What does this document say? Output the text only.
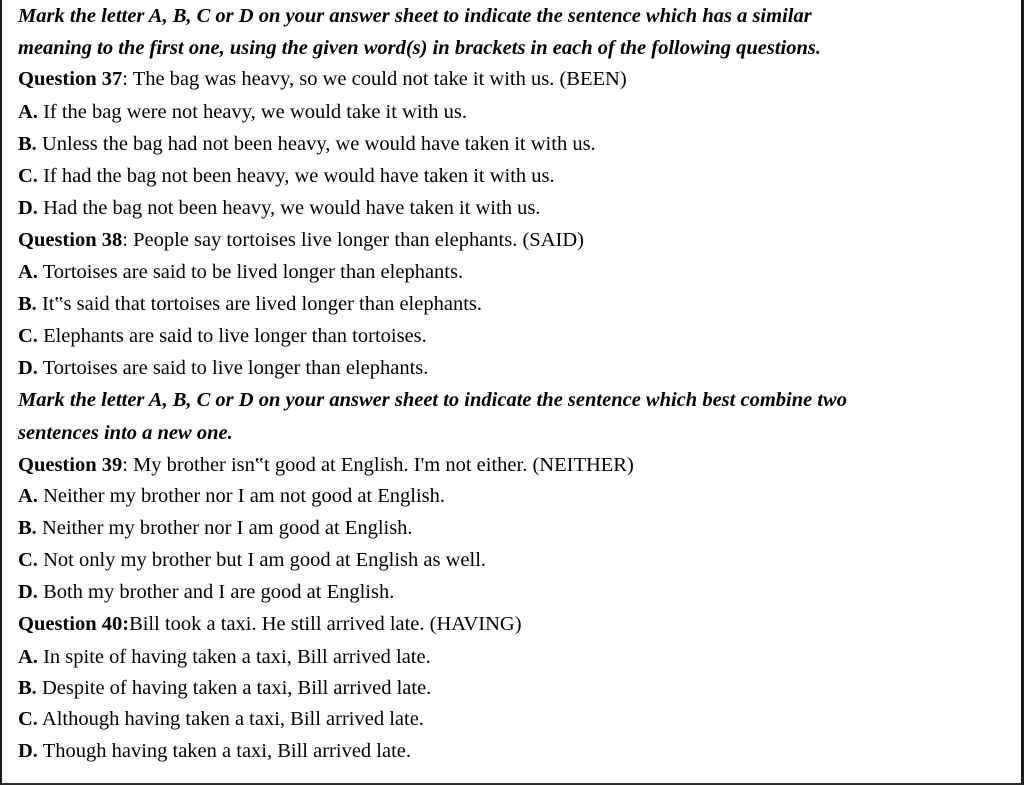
Mark the letter A, B, C or D on your answer sheet to indicate the sentence which has a similar
meaning to the first one, using the given word(s) in brackets in each of the following questions.
Question 37: The bag was heavy, so we could not take it with us. (BEEN)
A. If the bag were not heavy, we would take it with us.
B. Unless the bag had not been heavy, we would have taken it with us.
C. If had the bag not been heavy, we would have taken it with us.
D. Had the bag not been heavy, we would have taken it with us.
Question 38: People say tortoises live longer than elephants. (SAID)
A. Tortoises are said to be lived longer than elephants.
B. It‟s said that tortoises are lived longer than elephants.
C. Elephants are said to live longer than tortoises.
D. Tortoises are said to live longer than elephants.
Mark the letter A, B, C or D on your answer sheet to indicate the sentence which best combine two
sentences into a new one.
Question 39: My brother isn‟t good at English. I'm not either. (NEITHER)
A. Neither my brother nor I am not good at English.
B. Neither my brother nor I am good at English.
C. Not only my brother but I am good at English as well.
D. Both my brother and I are good at English.
Question 40:Bill took a taxi. He still arrived late. (HAVING)
A. In spite of having taken a taxi, Bill arrived late.
B. Despite of having taken a taxi, Bill arrived late.
C. Although having taken a taxi, Bill arrived late.
D. Though having taken a taxi, Bill arrived late.
